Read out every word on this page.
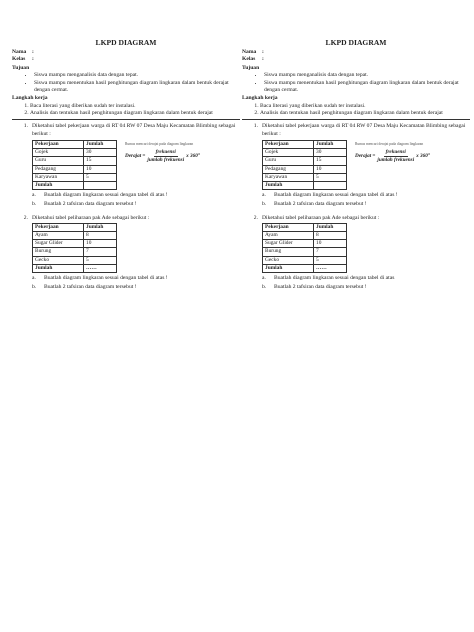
LKPD DIAGRAM
Nama	:
Kelas	:
Tujuan
• Siswa mampu menganalisis data dengan tepat.
• Siswa mampu menentukan hasil penghitungan diagram lingkaran dalam bentuk derajat dengan cermat.
Langkah kerja
1. Baca literasi yang diberikan sudah ter instalasi.
2. Analisis dan tentukan hasil penghitungan diagram lingkaran dalam bentuk derajat
1. Diketahui tabel pekerjaan warga di RT 04 RW 07 Desa Maju Kecamatan Blimbing sebagai berikut :
Pekerjaan	Jumlah
Gojek	30
Guru	15
Pedagang	10
Karyawan	5
Jumlah	
Rumus mencari derajat pada diagram lingkaran
Derajat = $\frac{\text{frekuensi}}{\text{jumlah frekuensi}}$ x 360°
a.	Buatlah diagram lingkaran sesuai dengan tabel di atas !
b.	Buatlah 2 tafsiran data diagram tersebut !
2. Diketahui tabel peliharaan pak Ade sebagai berikut :
Pekerjaan	Jumlah
Ayam	8
Sugar Glider	10
Burung	7
Gecko	5
Jumlah	……
a.	Buatlah diagram lingkaran sesuai dengan tabel di atas !
b.	Buatlah 2 tafsiran data diagram tersebut !
LKPD DIAGRAM
Nama	:
Kelas	:
Tujuan
• Siswa mampu menganalisis data dengan tepat.
• Siswa mampu menentukan hasil penghitungan diagram lingkaran dalam bentuk derajat dengan cermat.
Langkah kerja
1. Baca literasi yang diberikan sudah ter instalasi.
2. Analisis dan tentukan hasil penghitungan diagram lingkaran dalam bentuk derajat
1. Diketahui tabel pekerjaan warga di RT 04 RW 07 Desa Maju Kecamatan Blimbing sebagai berikut :
Pekerjaan	Jumlah
Gojek	30
Guru	15
Pedagang	10
Karyawan	5
Jumlah	
Rumus mencari derajat pada diagram lingkaran
Derajat = $\frac{\text{frekuensi}}{\text{jumlah frekuensi}}$ x 360°
a.	Buatlah diagram lingkaran sesuai dengan tabel di atas !
b.	Buatlah 2 tafsiran data diagram tersebut !
2. Diketahui tabel peliharaan pak Ade sebagai berikut :
Pekerjaan	Jumlah
Ayam	8
Sugar Glider	10
Burung	7
Gecko	5
Jumlah	……
a.	Buatlah diagram lingkaran sesuai dengan tabel di atas
b.	Buatlah 2 tafsiran data diagram tersebut !
